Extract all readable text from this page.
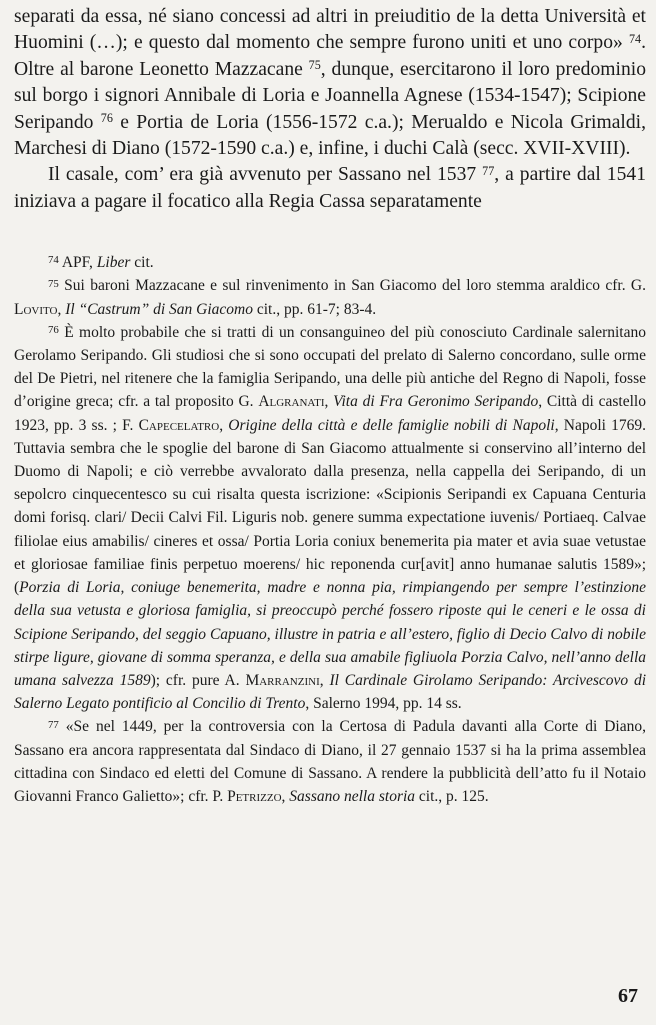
separati da essa, né siano concessi ad altri in preiuditio de la detta Università et Huomini (…); e questo dal momento che sempre furono uniti et uno corpo» $^{74}$. Oltre al barone Leonetto Mazzacane $^{75}$, dunque, esercitarono il loro predominio sul borgo i signori Annibale di Loria e Joannella Agnese (1534-1547); Scipione Seripando $^{76}$ e Portia de Loria (1556-1572 c.a.); Merualdo e Nicola Grimaldi, Marchesi di Diano (1572-1590 c.a.) e, infine, i duchi Calà (secc. XVII-XVIII).

Il casale, com’ era già avvenuto per Sassano nel 1537 $^{77}$, a partire dal 1541 iniziava a pagare il focatico alla Regia Cassa separatamente

$^{74}$ APF, Liber cit.

$^{75}$ Sui baroni Mazzacane e sul rinvenimento in San Giacomo del loro stemma araldico cfr. G. Lovito, Il “Castrum” di San Giacomo cit., pp. 61-7; 83-4.

$^{76}$ È molto probabile che si tratti di un consanguineo del più conosciuto Cardinale salernitano Gerolamo Seripando. Gli studiosi che si sono occupati del prelato di Salerno concordano, sulle orme del De Pietri, nel ritenere che la famiglia Seripando, una delle più antiche del Regno di Napoli, fosse d’origine greca; cfr. a tal proposito G. Algranati, Vita di Fra Geronimo Seripando, Città di castello 1923, pp. 3 ss. ; F. Capecelatro, Origine della città e delle famiglie nobili di Napoli, Napoli 1769. Tuttavia sembra che le spoglie del barone di San Giacomo attualmente si conservino all’interno del Duomo di Napoli; e ciò verrebbe avvalorato dalla presenza, nella cappella dei Seripando, di un sepolcro cinquecentesco su cui risalta questa iscrizione: «Scipionis Seripandi ex Capuana Centuria domi forisq. clari/ Decii Calvi Fil. Liguris nob. genere summa expectatione iuvenis/ Portiaeq. Calvae filiolae eius amabilis/ cineres et ossa/ Portia Loria coniux benemerita pia mater et avia suae vetustae et gloriosae familiae finis perpetuo moerens/ hic reponenda cur[avit] anno humanae salutis 1589»; (Porzia di Loria, coniuge benemerita, madre e nonna pia, rimpiangendo per sempre l’estinzione della sua vetusta e gloriosa famiglia, si preoccupò perché fossero riposte qui le ceneri e le ossa di Scipione Seripando, del seggio Capuano, illustre in patria e all’estero, figlio di Decio Calvo di nobile stirpe ligure, giovane di somma speranza, e della sua amabile figliuola Porzia Calvo, nell’anno della umana salvezza 1589); cfr. pure A. Marranzini, Il Cardinale Girolamo Seripando: Arcivescovo di Salerno Legato pontificio al Concilio di Trento, Salerno 1994, pp. 14 ss.

$^{77}$ «Se nel 1449, per la controversia con la Certosa di Padula davanti alla Corte di Diano, Sassano era ancora rappresentata dal Sindaco di Diano, il 27 gennaio 1537 si ha la prima assemblea cittadina con Sindaco ed eletti del Comune di Sassano. A rendere la pubblicità dell’atto fu il Notaio Giovanni Franco Galietto»; cfr. P. Petrizzo, Sassano nella storia cit., p. 125.

67
